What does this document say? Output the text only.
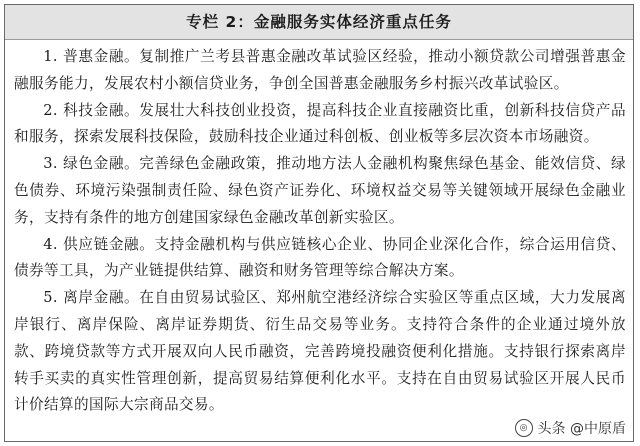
专栏 2：金融服务实体经济重点任务

1. 普惠金融。复制推广兰考县普惠金融改革试验区经验，推动小额贷款公司增强普惠金融服务能力，发展农村小额信贷业务，争创全国普惠金融服务乡村振兴改革试验区。

2. 科技金融。发展壮大科技创业投资，提高科技企业直接融资比重，创新科技信贷产品和服务，探索发展科技保险，鼓励科技企业通过科创板、创业板等多层次资本市场融资。

3. 绿色金融。完善绿色金融政策，推动地方法人金融机构聚焦绿色基金、能效信贷、绿色债券、环境污染强制责任险、绿色资产证券化、环境权益交易等关键领域开展绿色金融业务，支持有条件的地方创建国家绿色金融改革创新实验区。

4. 供应链金融。支持金融机构与供应链核心企业、协同企业深化合作，综合运用信贷、债券等工具，为产业链提供结算、融资和财务管理等综合解决方案。

5. 离岸金融。在自由贸易试验区、郑州航空港经济综合实验区等重点区域，大力发展离岸银行、离岸保险、离岸证券期货、衍生品交易等业务。支持符合条件的企业通过境外放款、跨境贷款等方式开展双向人民币融资，完善跨境投融资便利化措施。支持银行探索离岸转手买卖的真实性管理创新，提高贸易结算便利化水平。支持在自由贸易试验区开展人民币计价结算的国际大宗商品交易。

◎ 头条 @中原盾
